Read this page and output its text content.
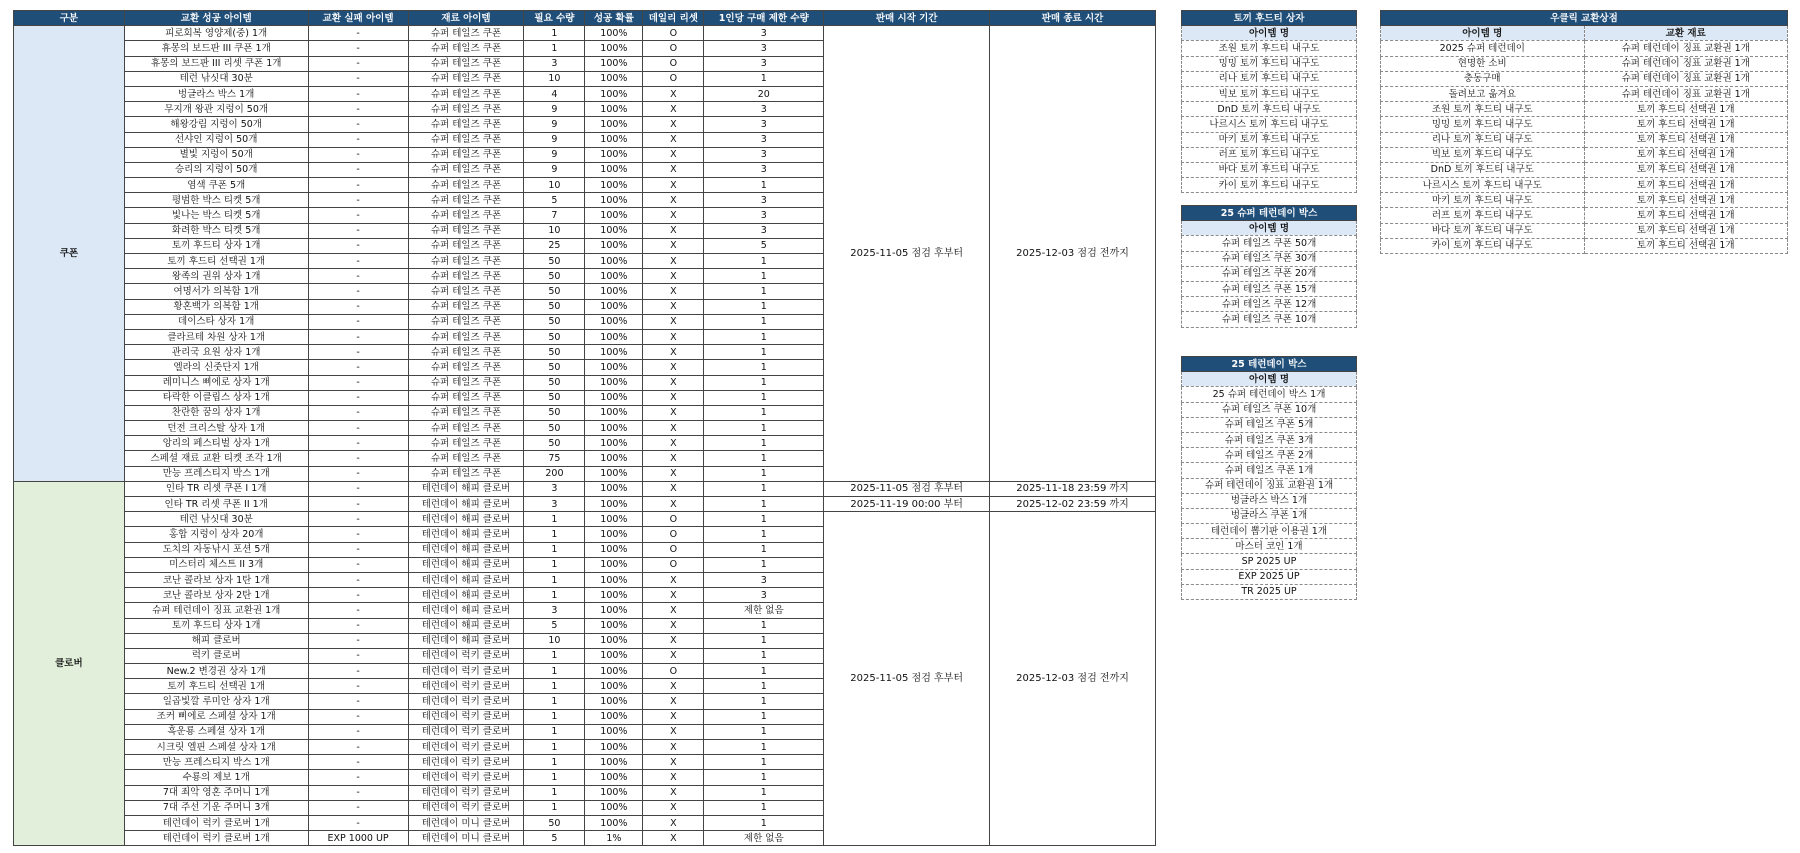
구분	교환 성공 아이템	교환 실패 아이템	재료 아이템	필요 수량	성공 확률	데일리 리셋	1인당 구매 제한 수량	판매 시작 기간	판매 종료 시간
쿠폰	피로회복 영양제(중) 1개	-	슈퍼 테일즈 쿠폰	1	100%	O	3	2025-11-05 점검 후부터	2025-12-03 점검 전까지
	휴몽의 보드판 III 쿠폰 1개	-	슈퍼 테일즈 쿠폰	1	100%	O	3		
	휴몽의 보드판 III 리셋 쿠폰 1개	-	슈퍼 테일즈 쿠폰	3	100%	O	3		
	테런 낚싯대 30분	-	슈퍼 테일즈 쿠폰	10	100%	O	1		
	벙글라스 박스 1개	-	슈퍼 테일즈 쿠폰	4	100%	X	20		
	무지개 왕관 지렁이 50개	-	슈퍼 테일즈 쿠폰	9	100%	X	3		
	해왕강림 지렁이 50개	-	슈퍼 테일즈 쿠폰	9	100%	X	3		
	선샤인 지렁이 50개	-	슈퍼 테일즈 쿠폰	9	100%	X	3		
	별빛 지렁이 50개	-	슈퍼 테일즈 쿠폰	9	100%	X	3		
	승리의 지렁이 50개	-	슈퍼 테일즈 쿠폰	9	100%	X	3		
	염색 쿠폰 5개	-	슈퍼 테일즈 쿠폰	10	100%	X	1		
	평범한 박스 티켓 5개	-	슈퍼 테일즈 쿠폰	5	100%	X	3		
	빛나는 박스 티켓 5개	-	슈퍼 테일즈 쿠폰	7	100%	X	3		
	화려한 박스 티켓 5개	-	슈퍼 테일즈 쿠폰	10	100%	X	3		
	토끼 후드티 상자 1개	-	슈퍼 테일즈 쿠폰	25	100%	X	5		
	토끼 후드티 선택권 1개	-	슈퍼 테일즈 쿠폰	50	100%	X	1		
	왕족의 권위 상자 1개	-	슈퍼 테일즈 쿠폰	50	100%	X	1		
	여명서가 의복함 1개	-	슈퍼 테일즈 쿠폰	50	100%	X	1		
	황혼백가 의복함 1개	-	슈퍼 테일즈 쿠폰	50	100%	X	1		
	데이스타 상자 1개	-	슈퍼 테일즈 쿠폰	50	100%	X	1		
	클라르테 차원 상자 1개	-	슈퍼 테일즈 쿠폰	50	100%	X	1		
	관리국 요원 상자 1개	-	슈퍼 테일즈 쿠폰	50	100%	X	1		
	엘라의 신줏단지 1개	-	슈퍼 테일즈 쿠폰	50	100%	X	1		
	레미니스 삐에로 상자 1개	-	슈퍼 테일즈 쿠폰	50	100%	X	1		
	타락한 이클립스 상자 1개	-	슈퍼 테일즈 쿠폰	50	100%	X	1		
	찬란한 꿈의 상자 1개	-	슈퍼 테일즈 쿠폰	50	100%	X	1		
	던전 크리스탈 상자 1개	-	슈퍼 테일즈 쿠폰	50	100%	X	1		
	앙리의 페스티벌 상자 1개	-	슈퍼 테일즈 쿠폰	50	100%	X	1		
	스페셜 재료 교환 티켓 조각 1개	-	슈퍼 테일즈 쿠폰	75	100%	X	1		
	만능 프레스티지 박스 1개	-	슈퍼 테일즈 쿠폰	200	100%	X	1		
클로버	인타 TR 리셋 쿠폰 I 1개	-	테런데이 해피 클로버	3	100%	X	1	2025-11-05 점검 후부터	2025-11-18 23:59 까지
	인타 TR 리셋 쿠폰 II 1개	-	테런데이 해피 클로버	3	100%	X	1	2025-11-19 00:00 부터	2025-12-02 23:59 까지
	테런 낚싯대 30분	-	테런데이 해피 클로버	1	100%	O	1	2025-11-05 점검 후부터	2025-12-03 점검 전까지
	홍합 지렁이 상자 20개	-	테런데이 해피 클로버	1	100%	O	1		
	도치의 자동낚시 포션 5개	-	테런데이 해피 클로버	1	100%	O	1		
	미스터리 체스트 II 3개	-	테런데이 해피 클로버	1	100%	O	1		
	코난 콜라보 상자 1탄 1개	-	테런데이 해피 클로버	1	100%	X	3		
	코난 콜라보 상자 2탄 1개	-	테런데이 해피 클로버	1	100%	X	3		
	슈퍼 테런데이 징표 교환권 1개	-	테런데이 해피 클로버	3	100%	X	제한 없음		
	토끼 후드티 상자 1개	-	테런데이 해피 클로버	5	100%	X	1		
	해피 클로버	-	테런데이 해피 클로버	10	100%	X	1		
	럭키 클로버	-	테런데이 럭키 클로버	1	100%	X	1		
	New.2 변경권 상자 1개	-	테런데이 럭키 클로버	1	100%	O	1		
	토끼 후드티 선택권 1개	-	테런데이 럭키 클로버	1	100%	X	1		
	일곱빛깔 루미안 상자 1개	-	테런데이 럭키 클로버	1	100%	X	1		
	조커 삐에로 스페셜 상자 1개	-	테런데이 럭키 클로버	1	100%	X	1		
	흑운룡 스페셜 상자 1개	-	테런데이 럭키 클로버	1	100%	X	1		
	시크릿 엘핀 스페셜 상자 1개	-	테런데이 럭키 클로버	1	100%	X	1		
	만능 프레스티지 박스 1개	-	테런데이 럭키 클로버	1	100%	X	1		
	수룡의 제보 1개	-	테런데이 럭키 클로버	1	100%	X	1		
	7대 죄악 영혼 주머니 1개	-	테런데이 럭키 클로버	1	100%	X	1		
	7대 주선 기운 주머니 3개	-	테런데이 럭키 클로버	1	100%	X	1		
	테런데이 럭키 클로버 1개	-	테런데이 미니 클로버	50	100%	X	1		
	테런데이 럭키 클로버 1개	EXP 1000 UP	테런데이 미니 클로버	5	1%	X	제한 없음		
토끼 후드티 상자
아이템 명
조원 토끼 후드티 내구도
밍밍 토끼 후드티 내구도
리나 토끼 후드티 내구도
빅보 토끼 후드티 내구도
DnD 토끼 후드티 내구도
나르시스 토끼 후드티 내구도
마키 토끼 후드티 내구도
러프 토끼 후드티 내구도
바다 토끼 후드티 내구도
카이 토끼 후드티 내구도
25 슈퍼 테런데이 박스
아이템 명
슈퍼 테일즈 쿠폰 50개
슈퍼 테일즈 쿠폰 30개
슈퍼 테일즈 쿠폰 20개
슈퍼 테일즈 쿠폰 15개
슈퍼 테일즈 쿠폰 12개
슈퍼 테일즈 쿠폰 10개
25 테런데이 박스
아이템 명
25 슈퍼 테런데이 박스 1개
슈퍼 테일즈 쿠폰 10개
슈퍼 테일즈 쿠폰 5개
슈퍼 테일즈 쿠폰 3개
슈퍼 테일즈 쿠폰 2개
슈퍼 테일즈 쿠폰 1개
슈퍼 테런데이 징표 교환권 1개
벙글라스 박스 1개
벙글라스 쿠폰 1개
테런데이 뽑기판 이용권 1개
마스터 코인 1개
SP 2025 UP
EXP 2025 UP
TR 2025 UP
우클릭 교환상점	
아이템 명	교환 재료
2025 슈퍼 테런데이	슈퍼 테런데이 징표 교환권 1개
현명한 소비	슈퍼 테런데이 징표 교환권 1개
충동구매	슈퍼 테런데이 징표 교환권 1개
돌려보고 옮겨요	슈퍼 테런데이 징표 교환권 1개
조원 토끼 후드티 내구도	토끼 후드티 선택권 1개
밍밍 토끼 후드티 내구도	토끼 후드티 선택권 1개
리나 토끼 후드티 내구도	토끼 후드티 선택권 1개
빅보 토끼 후드티 내구도	토끼 후드티 선택권 1개
DnD 토끼 후드티 내구도	토끼 후드티 선택권 1개
나르시스 토끼 후드티 내구도	토끼 후드티 선택권 1개
마키 토끼 후드티 내구도	토끼 후드티 선택권 1개
러프 토끼 후드티 내구도	토끼 후드티 선택권 1개
바다 토끼 후드티 내구도	토끼 후드티 선택권 1개
카이 토끼 후드티 내구도	토끼 후드티 선택권 1개
